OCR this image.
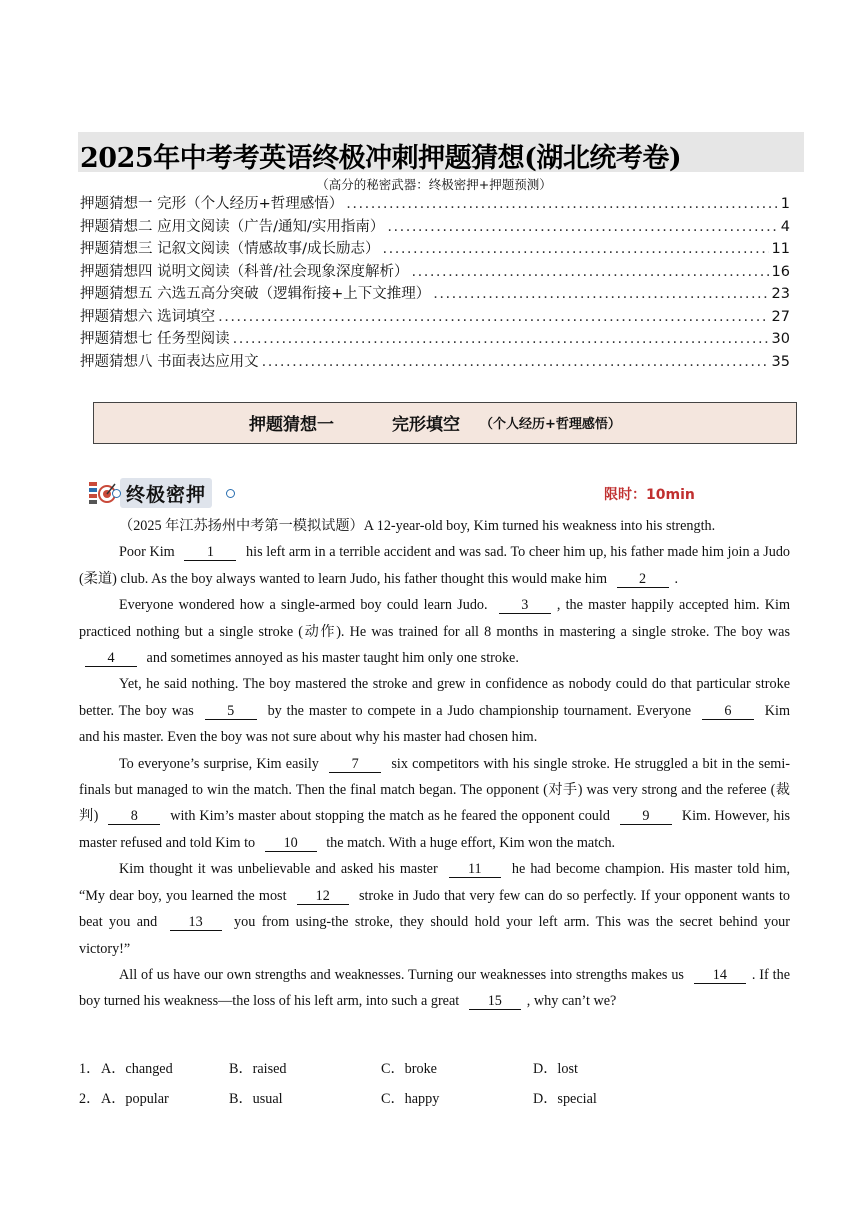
2025年中考考英语终极冲刺押题猜想(湖北统考卷)
（高分的秘密武器：终极密押+押题预测）
押题猜想一 完形（个人经历+哲理感悟） .....	1
押题猜想二 应用文阅读（广告/通知/实用指南） .....	4
押题猜想三 记叙文阅读（情感故事/成长励志） .....	11
押题猜想四 说明文阅读（科普/社会现象深度解析） .....	16
押题猜想五 六选五高分突破（逻辑衔接+上下文推理） .....	23
押题猜想六 选词填空 .....	27
押题猜想七 任务型阅读 .....	30
押题猜想八 书面表达应用文 .....	35
押题猜想一	完形填空 （个人经历+哲理感悟）
终极密押	限时：10min

（2025 年江苏扬州中考第一模拟试题）A 12-year-old boy, Kim turned his weakness into his strength.

Poor Kim 1 his left arm in a terrible accident and was sad. To cheer him up, his father made him join a Judo (柔道) club. As the boy always wanted to learn Judo, his father thought this would make him 2 .

Everyone wondered how a single-armed boy could learn Judo. 3 , the master happily accepted him. Kim practiced nothing but a single stroke (动作). He was trained for all 8 months in mastering a single stroke. The boy was 4 and sometimes annoyed as his master taught him only one stroke.

Yet, he said nothing. The boy mastered the stroke and grew in confidence as nobody could do that particular stroke better. The boy was 5 by the master to compete in a Judo championship tournament. Everyone 6 Kim and his master. Even the boy was not sure about why his master had chosen him.

To everyone’s surprise, Kim easily 7 six competitors with his single stroke. He struggled a bit in the semi-finals but managed to win the match. Then the final match began. The opponent (对手) was very strong and the referee (裁判) 8 with Kim’s master about stopping the match as he feared the opponent could 9 Kim. However, his master refused and told Kim to 10 the match. With a huge effort, Kim won the match.

Kim thought it was unbelievable and asked his master 11 he had become champion. His master told him, “My dear boy, you learned the most 12 stroke in Judo that very few can do so perfectly. If your opponent wants to beat you and 13 you from using-the stroke, they should hold your left arm. This was the secret behind your victory!”

All of us have our own strengths and weaknesses. Turning our weaknesses into strengths makes us 14 . If the boy turned his weakness—the loss of his left arm, into such a great 15 , why can’t we?

1． A．changed	B．raised	C．broke	D．lost
2． A．popular	B．usual	C．happy	D．special
